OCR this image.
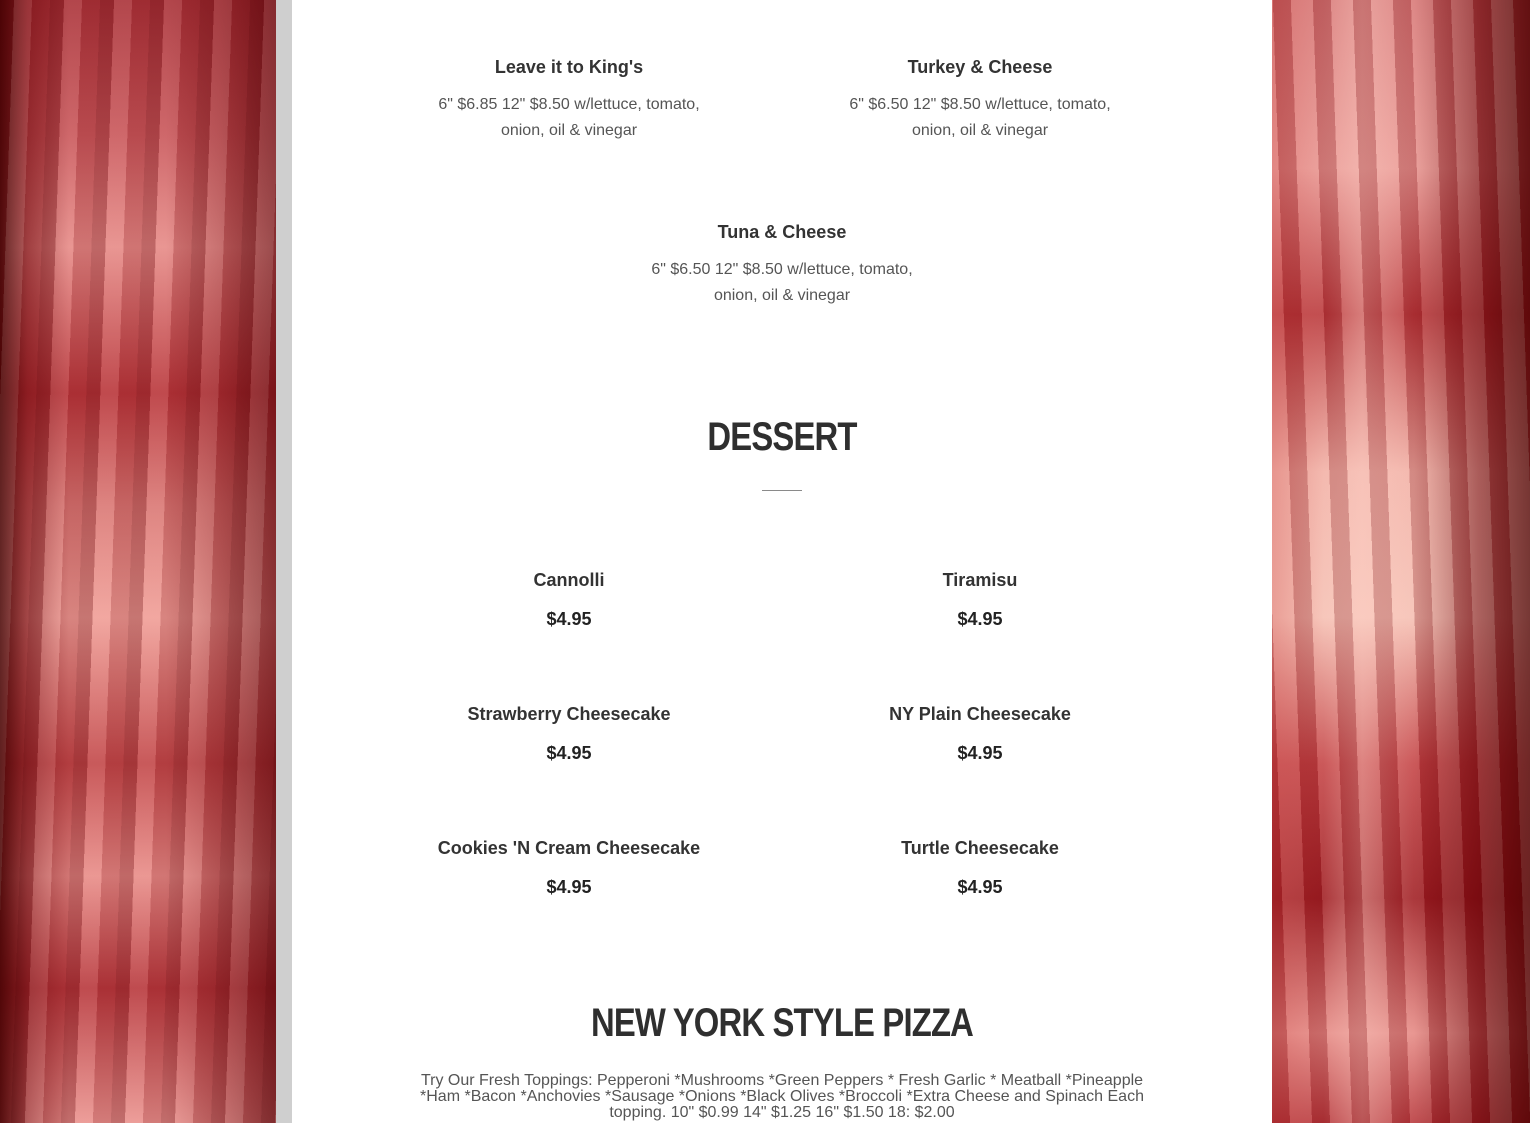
Leave it to King's
6" $6.85 12" $8.50 w/lettuce, tomato, onion, oil & vinegar
Turkey & Cheese
6" $6.50 12" $8.50 w/lettuce, tomato, onion, oil & vinegar
Tuna & Cheese
6" $6.50 12" $8.50 w/lettuce, tomato, onion, oil & vinegar
DESSERT
Cannolli
$4.95
Tiramisu
$4.95
Strawberry Cheesecake
$4.95
NY Plain Cheesecake
$4.95
Cookies 'N Cream Cheesecake
$4.95
Turtle Cheesecake
$4.95
NEW YORK STYLE PIZZA
Try Our Fresh Toppings: Pepperoni *Mushrooms *Green Peppers * Fresh Garlic * Meatball *Pineapple *Ham *Bacon *Anchovies *Sausage *Onions *Black Olives *Broccoli *Extra Cheese and Spinach Each topping. 10" $0.99 14" $1.25 16" $1.50 18: $2.00
